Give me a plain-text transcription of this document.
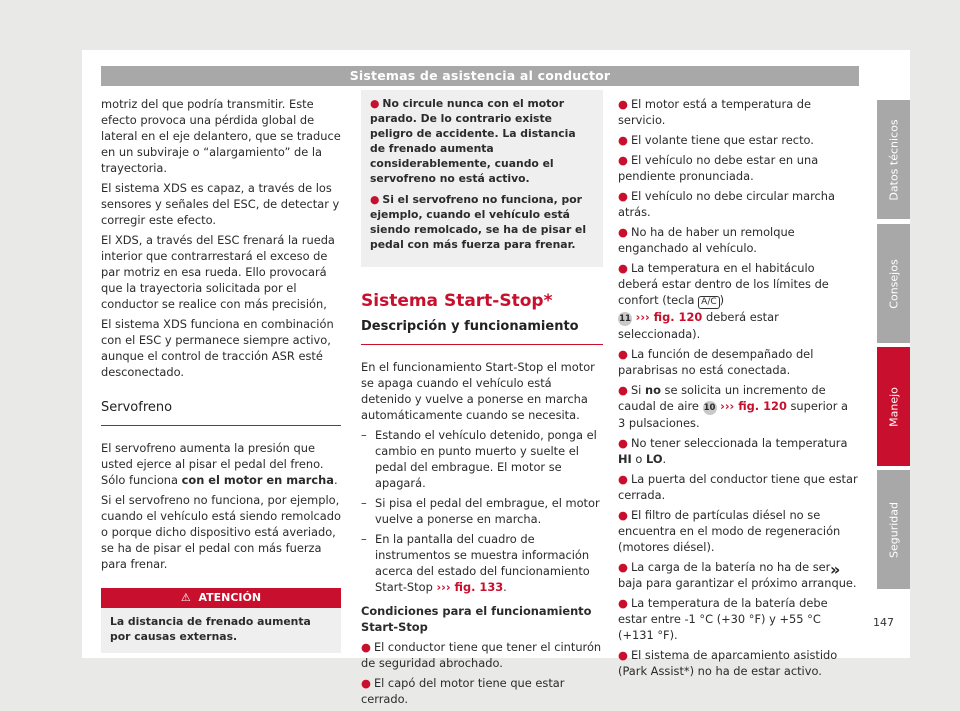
Sistemas de asistencia al conductor

motriz del que podría transmitir. Este efecto provoca una pérdida global de lateral en el eje delantero, que se traduce en un subviraje o “alargamiento” de la trayectoria.

El sistema XDS es capaz, a través de los sensores y señales del ESC, de detectar y corregir este efecto.

El XDS, a través del ESC frenará la rueda interior que contrarrestará el exceso de par motriz en esa rueda. Ello provocará que la trayectoria solicitada por el conductor se realice con más precisión,

El sistema XDS funciona en combinación con el ESC y permanece siempre activo, aunque el control de tracción ASR esté desconectado.

Servofreno

El servofreno aumenta la presión que usted ejerce al pisar el pedal del freno. Sólo funciona con el motor en marcha.

Si el servofreno no funciona, por ejemplo, cuando el vehículo está siendo remolcado o porque dicho dispositivo está averiado, se ha de pisar el pedal con más fuerza para frenar.

⚠ ATENCIÓN
La distancia de frenado aumenta por causas externas.

● No circule nunca con el motor parado. De lo contrario existe peligro de accidente. La distancia de frenado aumenta considerablemente, cuando el servofreno no está activo.

● Si el servofreno no funciona, por ejemplo, cuando el vehículo está siendo remolcado, se ha de pisar el pedal con más fuerza para frenar.

Sistema Start-Stop*
Descripción y funcionamiento

En el funcionamiento Start-Stop el motor se apaga cuando el vehículo está detenido y vuelve a ponerse en marcha automáticamente cuando se necesita.

– Estando el vehículo detenido, ponga el cambio en punto muerto y suelte el pedal del embrague. El motor se apagará.
– Si pisa el pedal del embrague, el motor vuelve a ponerse en marcha.
– En la pantalla del cuadro de instrumentos se muestra información acerca del estado del funcionamiento Start-Stop ››› fig. 133.

Condiciones para el funcionamiento Start-Stop

● El conductor tiene que tener el cinturón de seguridad abrochado.

● El capó del motor tiene que estar cerrado.

● El motor está a temperatura de servicio.

● El volante tiene que estar recto.

● El vehículo no debe estar en una pendiente pronunciada.

● El vehículo no debe circular marcha atrás.

● No ha de haber un remolque enganchado al vehículo.

● La temperatura en el habitáculo deberá estar dentro de los límites de confort (tecla A/C )
11 ››› fig. 120 deberá estar seleccionada).

● La función de desempañado del parabrisas no está conectada.

● Si no se solicita un incremento de caudal de aire 10 ››› fig. 120 superior a 3 pulsaciones.

● No tener seleccionada la temperatura HI o LO.

● La puerta del conductor tiene que estar cerrada.

● El filtro de partículas diésel no se encuentra en el modo de regeneración (motores diésel).

● La carga de la batería no ha de ser baja para garantizar el próximo arranque.

● La temperatura de la batería debe estar entre -1 °C (+30 °F) y +55 °C (+131 °F).

● El sistema de aparcamiento asistido (Park Assist*) no ha de estar activo.

»
Datos técnicos
Consejos
Manejo
Seguridad
147
